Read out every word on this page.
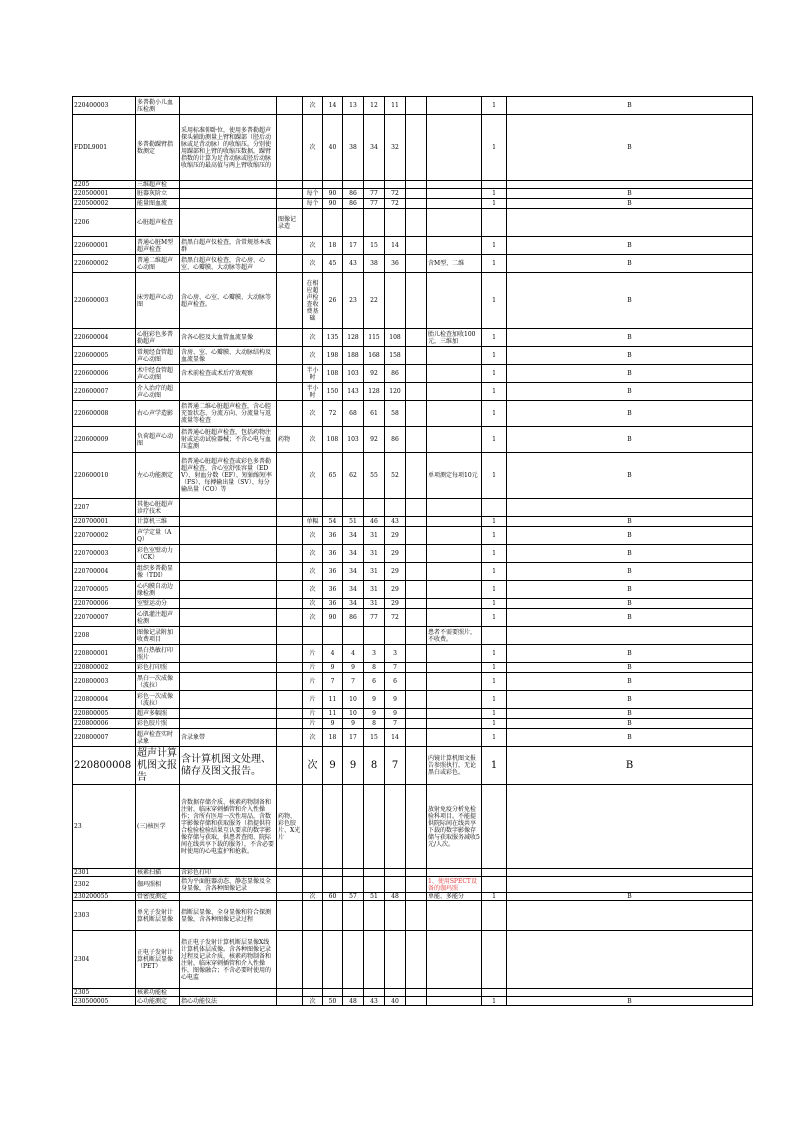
220400003	多普勒小儿血压检测			次	14	13	12	11			1	B
FDDL9001	多普勒踝臂指数测定	采用标准仰卧位，使用多普勒超声探头辅助测量上臂和踝部（胫后动脉或足背动脉）的收缩压。分别使用踝部和上臂的收缩压数据，踝臂指数的计算为足背动脉或胫后动脉收缩压的最高值与两上臂收缩压的		次	40	38	34	32			1	B
2205	三维超声检											
220500001	脏器灰阶立			每个	90	86	77	72			1	B
220500002	能量图血流			每个	90	86	77	72			1	B
2206	心脏超声检查		图像记录造									
220600001	普通心脏M型超声检查	指黑白超声仪检查，含常规基本波群		次	18	17	15	14			1	B
220600002	普通二维超声心动图	指黑白超声仪检查，含心房、心室、心瓣膜、大动脉等超声		次	45	43	38	36		含M型、二维	1	B
220600003	床旁超声心动图	含心房、心室、心瓣膜、大动脉等超声检查。		在相应超声检查收费基础	26	23	22				1	B
220600004	心脏彩色多普勒超声	含各心腔及大血管血流显像		次	135	128	115	108		胎儿检查加收100元，三维加	1	B
220600005	常规经食管超声心动图	含房、室、心瓣膜、大动脉结构及血流显像		次	198	188	168	158			1	B
220600006	术中经食管超声心动图	含术前检查或术后疗效观察		半小时	108	103	92	86			1	B
220600007	介入治疗的超声心动图			半小时	150	143	128	120			1	B
220600008	右心声学造影	指普通二维心脏超声检查，含心腔充盈状态、分流方向、分流量与返流量等检查		次	72	68	61	58			1	B
220600009	负荷超声心动图	指普通心脏超声检查，包括药物注射或运动试验器械；不含心电与血压监测	药物	次	108	103	92	86			1	B
220600010	左心功能测定	指普通心脏超声检查或彩色多普勒超声检查，含心室舒张容量（EDV）、射血分数（EF）、短轴缩短率（FS）、每搏输出量（SV）、每分输出量（CO）等		次	65	62	55	52		单项测定每项10元	1	B
2207	其他心脏超声诊疗技术											
220700001	计算机三维			单幅	54	51	46	43			1	B
220700002	声学定量（AQ）			次	36	34	31	29			1	B
220700003	彩色室壁动力（CK）			次	36	34	31	29			1	B
220700004	组织多普勒显像（TDI）			次	36	34	31	29			1	B
220700005	心内膜自动边缘检测			次	36	34	31	29			1	B
220700006	室壁运动分			次	36	34	31	29			1	B
220700007	心肌灌注超声检测			次	90	86	77	72			1	B
2208	图像记录附加收费项目									患者不需要照片，不收费。		
220800001	黑白热敏打印照片			片	4	4	3	3			1	B
220800002	彩色打印照			片	9	9	8	7			1	B
220800003	黑白一次成像（波拉）			片	7	7	6	6			1	B
220800004	彩色一次成像（波拉）			片	11	10	9	9			1	B
220800005	超声多幅照			片	11	10	9	9			1	B
220800006	彩色胶片照			片	9	9	8	7			1	B
220800007	超声检查实时录象	含录象带		次	18	17	15	14			1	B
220800008	超声计算机图文报告	含计算机图文处理、储存及图文报告。		次	9	9	8	7		内镜计算机图文报告参照执行，无论黑白或彩色。	1	B
23	(三)核医学	含数据存储介质、核素药物制备和注射，临床穿刺插管和介入性操作；含所有医用一次性用品，含数字影像存储和获取服务（指提供符合检验检验结果互认要求的数字影像存储与获取，供患者查阅、院际间在线共享下载的服务），不含必要时使用的心电监护和抢救。	药物、彩色胶片、X光片							放射免疫分析免检验科项目。不能提供院际间在线共享下载的数字影像存储与获取服务减收5元/人次。		
2301	核素扫描	含彩色打印										
2302	伽玛照相	指为平面脏器动态、静态显像及全身显像，含各种图像记录								1、使用SPECT设备的伽玛照		
230200055	骨密度测定			次	60	57	51	48		单能、多能分	1	B
2303	单光子发射计算机断层显像	指断层显像、全身显像和符合探测显像，含各种图像记录过程										
2304	正电子发射计算机断层显像（PET）	指正电子发射计算机断层显像X线计算机体层成像。含各种图像记录过程及记录介质，核素药物制备和注射，临床穿刺插管和介入性操作，图像融合；不含必要时使用的心电监										
2305	核素功能检											
230500005	心功能测定	指心功能仪法		次	50	48	43	40			1	B
